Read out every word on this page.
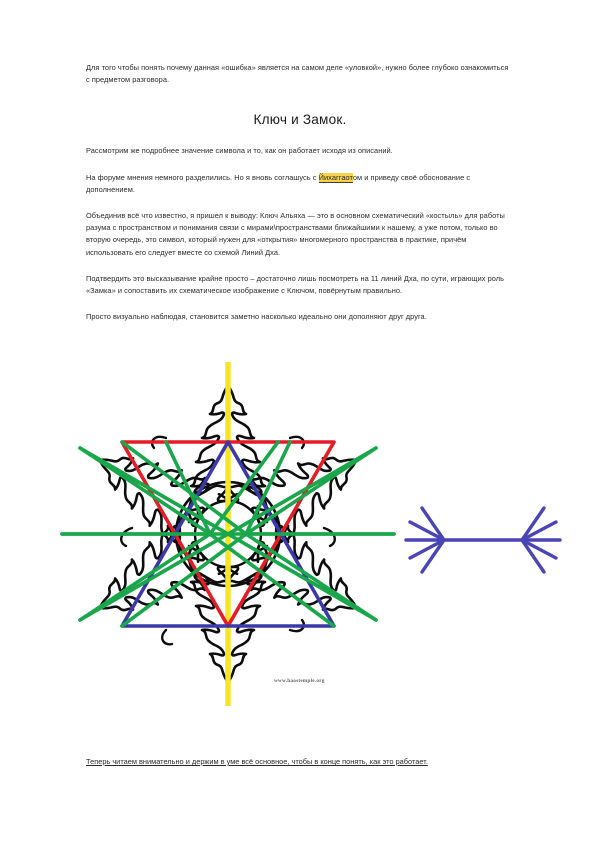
Для того чтобы понять почему данная «ошибка» является на самом деле «уловкой», нужно более глубоко ознакомиться с предметом разговора.

Ключ и Замок.

Рассмотрим же подробнее значение символа и то, как он работает исходя из описаний.

На форуме мнения немного разделились. Но я вновь соглашусь с Йихаггаотом и приведу своё обоснование с дополнением.

Объединив всё что известно, я пришел к выводу: Ключ Альяха — это в основном схематический «костыль» для работы разума с пространством и понимания связи с мирами\пространствами ближайшими к нашему, а уже потом, только во вторую очередь, это символ, который нужен для «открытия» многомерного пространства в практике, причём использовать его следует вместе со схемой Линий Дха.

Подтвердить это высказывание крайне просто – достаточно лишь посмотреть на 11 линий Дха, по сути, играющих роль «Замка» и сопоставить их схематическое изображение с Ключом, повёрнутым правильно.

Просто визуально наблюдая, становится заметно насколько идеально они дополняют друг друга.

www.haostemple.org
Теперь читаем внимательно и держим в уме всё основное, чтобы в конце понять, как это работает.
